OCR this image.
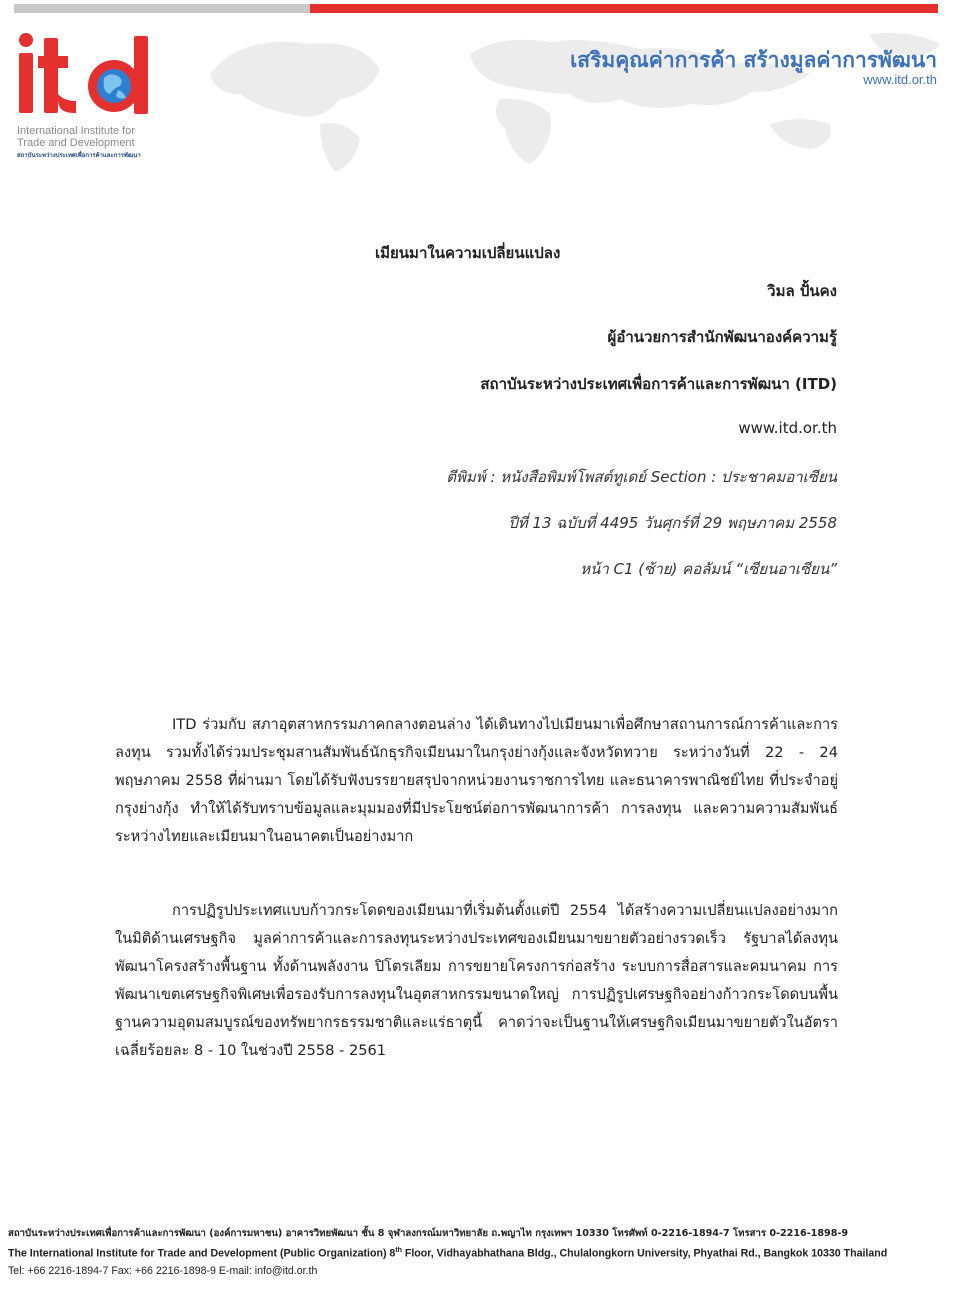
International Institute for
Trade and Development
สถาบันระหว่างประเทศเพื่อการค้าและการพัฒนา
เสริมคุณค่าการค้า สร้างมูลค่าการพัฒนา
www.itd.or.th
เมียนมาในความเปลี่ยนแปลง
วิมล ปั้นคง
ผู้อำนวยการสำนักพัฒนาองค์ความรู้
สถาบันระหว่างประเทศเพื่อการค้าและการพัฒนา (ITD)
www.itd.or.th
ตีพิมพ์ : หนังสือพิมพ์โพสต์ทูเดย์ Section : ประชาคมอาเซียน
ปีที่ 13 ฉบับที่ 4495 วันศุกร์ที่ 29 พฤษภาคม 2558
หน้า C1 (ซ้าย) คอลัมน์ “เซียนอาเซียน”

ITD ร่วมกับ สภาอุตสาหกรรมภาคกลางตอนล่าง ได้เดินทางไปเมียนมาเพื่อศึกษาสถานการณ์การค้าและการลงทุน รวมทั้งได้ร่วมประชุมสานสัมพันธ์นักธุรกิจเมียนมาในกรุงย่างกุ้งและจังหวัดทวาย ระหว่างวันที่ 22 - 24 พฤษภาคม 2558 ที่ผ่านมา โดยได้รับฟังบรรยายสรุปจากหน่วยงานราชการไทย และธนาคารพาณิชย์ไทย ที่ประจำอยู่กรุงย่างกุ้ง ทำให้ได้รับทราบข้อมูลและมุมมองที่มีประโยชน์ต่อการพัฒนาการค้า การลงทุน และความความสัมพันธ์ระหว่างไทยและเมียนมาในอนาคตเป็นอย่างมาก

การปฏิรูปประเทศแบบก้าวกระโดดของเมียนมาที่เริ่มต้นตั้งแต่ปี 2554 ได้สร้างความเปลี่ยนแปลงอย่างมาก ในมิติด้านเศรษฐกิจ มูลค่าการค้าและการลงทุนระหว่างประเทศของเมียนมาขยายตัวอย่างรวดเร็ว รัฐบาลได้ลงทุนพัฒนาโครงสร้างพื้นฐาน ทั้งด้านพลังงาน ปิโตรเลียม การขยายโครงการก่อสร้าง ระบบการสื่อสารและคมนาคม การพัฒนาเขตเศรษฐกิจพิเศษเพื่อรองรับการลงทุนในอุตสาหกรรมขนาดใหญ่ การปฏิรูปเศรษฐกิจอย่างก้าวกระโดดบนพื้นฐานความอุดมสมบูรณ์ของทรัพยากรธรรมชาติและแร่ธาตุนี้ คาดว่าจะเป็นฐานให้เศรษฐกิจเมียนมาขยายตัวในอัตราเฉลี่ยร้อยละ 8 - 10 ในช่วงปี 2558 - 2561

สถาบันระหว่างประเทศเพื่อการค้าและการพัฒนา (องค์การมหาชน) อาคารวิทยพัฒนา ชั้น 8 จุฬาลงกรณ์มหาวิทยาลัย ถ.พญาไท กรุงเทพฯ 10330 โทรศัพท์ 0-2216-1894-7 โทรสาร 0-2216-1898-9
The International Institute for Trade and Development (Public Organization) 8th Floor, Vidhayabhathana Bldg., Chulalongkorn University, Phyathai Rd., Bangkok 10330 Thailand
Tel: +66 2216-1894-7 Fax: +66 2216-1898-9 E-mail: info@itd.or.th
